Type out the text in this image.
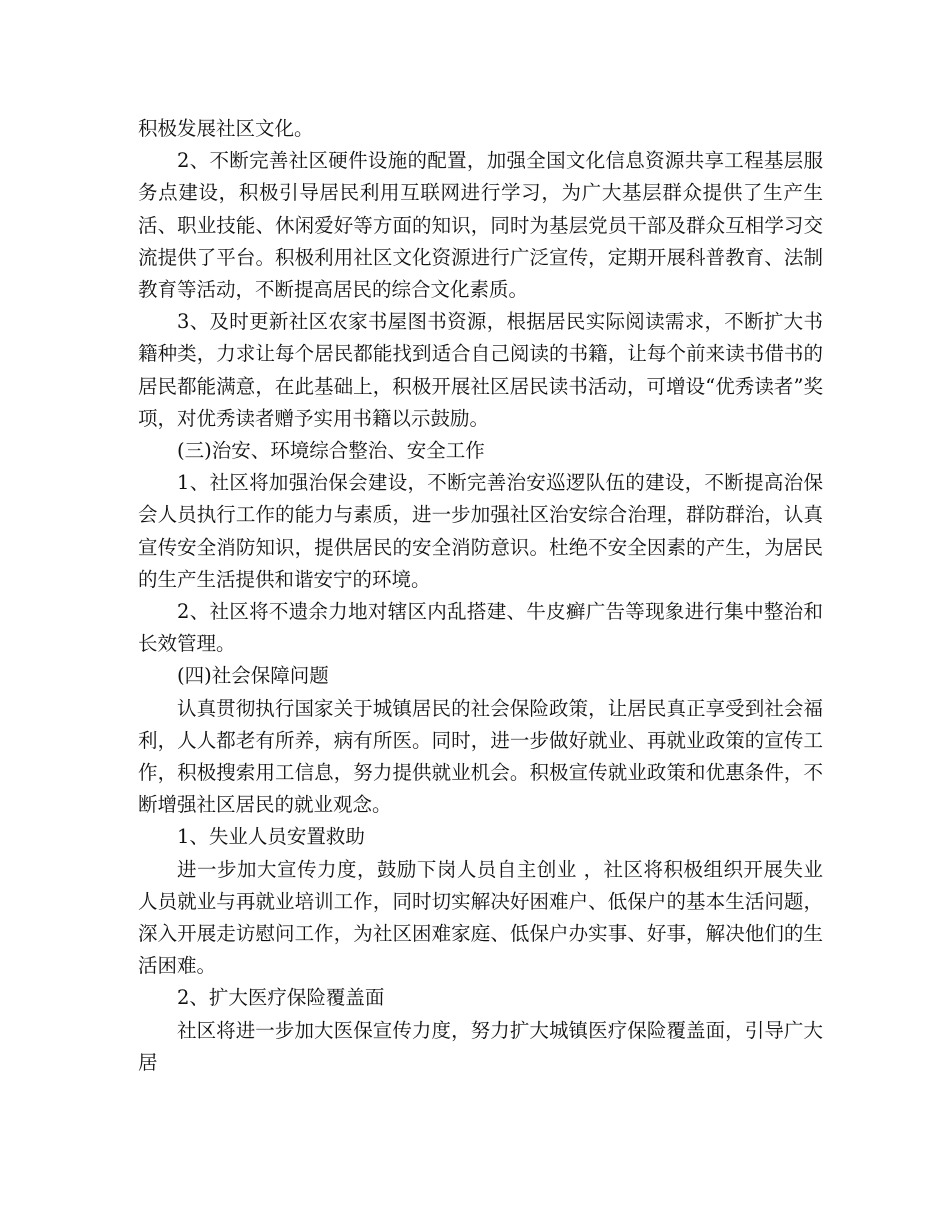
积极发展社区文化。

2、不断完善社区硬件设施的配置，加强全国文化信息资源共享工程基层服务点建设，积极引导居民利用互联网进行学习，为广大基层群众提供了生产生活、职业技能、休闲爱好等方面的知识，同时为基层党员干部及群众互相学习交流提供了平台。积极利用社区文化资源进行广泛宣传，定期开展科普教育、法制教育等活动，不断提高居民的综合文化素质。

3、及时更新社区农家书屋图书资源，根据居民实际阅读需求，不断扩大书籍种类，力求让每个居民都能找到适合自己阅读的书籍，让每个前来读书借书的居民都能满意，在此基础上，积极开展社区居民读书活动，可增设“优秀读者”奖项，对优秀读者赠予实用书籍以示鼓励。

(三)治安、环境综合整治、安全工作

1、社区将加强治保会建设，不断完善治安巡逻队伍的建设，不断提高治保会人员执行工作的能力与素质，进一步加强社区治安综合治理，群防群治，认真宣传安全消防知识，提供居民的安全消防意识。杜绝不安全因素的产生，为居民的生产生活提供和谐安宁的环境。

2、社区将不遗余力地对辖区内乱搭建、牛皮癣广告等现象进行集中整治和长效管理。

(四)社会保障问题

认真贯彻执行国家关于城镇居民的社会保险政策，让居民真正享受到社会福利，人人都老有所养，病有所医。同时，进一步做好就业、再就业政策的宣传工作，积极搜索用工信息，努力提供就业机会。积极宣传就业政策和优惠条件，不断增强社区居民的就业观念。

1、失业人员安置救助

进一步加大宣传力度，鼓励下岗人员自主创业 ，社区将积极组织开展失业人员就业与再就业培训工作，同时切实解决好困难户、低保户的基本生活问题，深入开展走访慰问工作，为社区困难家庭、低保户办实事、好事，解决他们的生活困难。

2、扩大医疗保险覆盖面

社区将进一步加大医保宣传力度，努力扩大城镇医疗保险覆盖面，引导广大居
